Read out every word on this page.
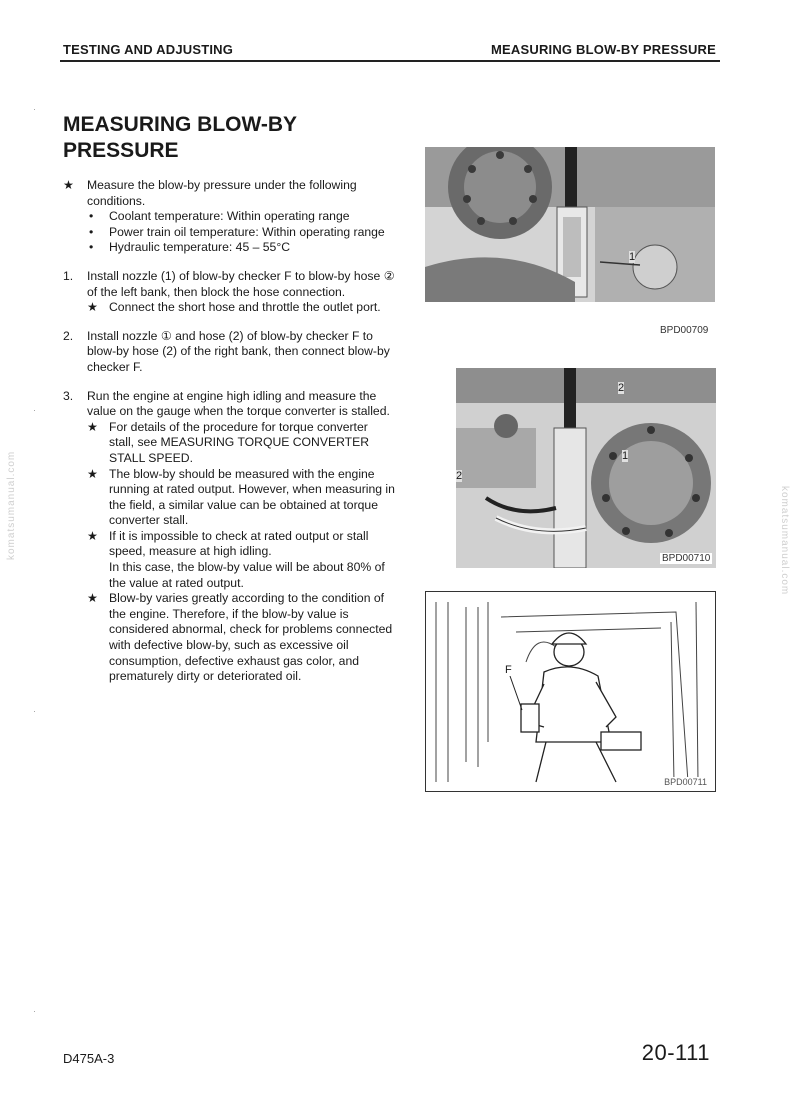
TESTING AND ADJUSTING	MEASURING BLOW-BY PRESSURE
·
·
·
·
MEASURING BLOW-BY PRESSURE
★	Measure the blow-by pressure under the following conditions.
•	Coolant temperature: Within operating range
•	Power train oil temperature: Within operating range
•	Hydraulic temperature: 45 – 55°C
1.	Install nozzle (1) of blow-by checker F to blow-by hose ② of the left bank, then block the hose connection.
★ Connect the short hose and throttle the outlet port.
2.	Install nozzle ① and hose (2) of blow-by checker F to blow-by hose (2) of the right bank, then connect blow-by checker F.
3.	Run the engine at engine high idling and measure the value on the gauge when the torque converter is stalled.
★ For details of the procedure for torque converter stall, see MEASURING TORQUE CONVERTER STALL SPEED.
★ The blow-by should be measured with the engine running at rated output. However, when measuring in the field, a similar value can be obtained at torque converter stall.
★ If it is impossible to check at rated output or stall speed, measure at high idling.
In this case, the blow-by value will be about 80% of the value at rated output.
★ Blow-by varies greatly according to the condition of the engine. Therefore, if the blow-by value is considered abnormal, check for problems connected with defective blow-by, such as excessive oil consumption, defective exhaust gas color, and prematurely dirty or deteriorated oil.
1
BPD00709
2
1
2
BPD00710
F
BPD00711
komatsumanual.com	komatsumanual.com
D475A-3	20-111
